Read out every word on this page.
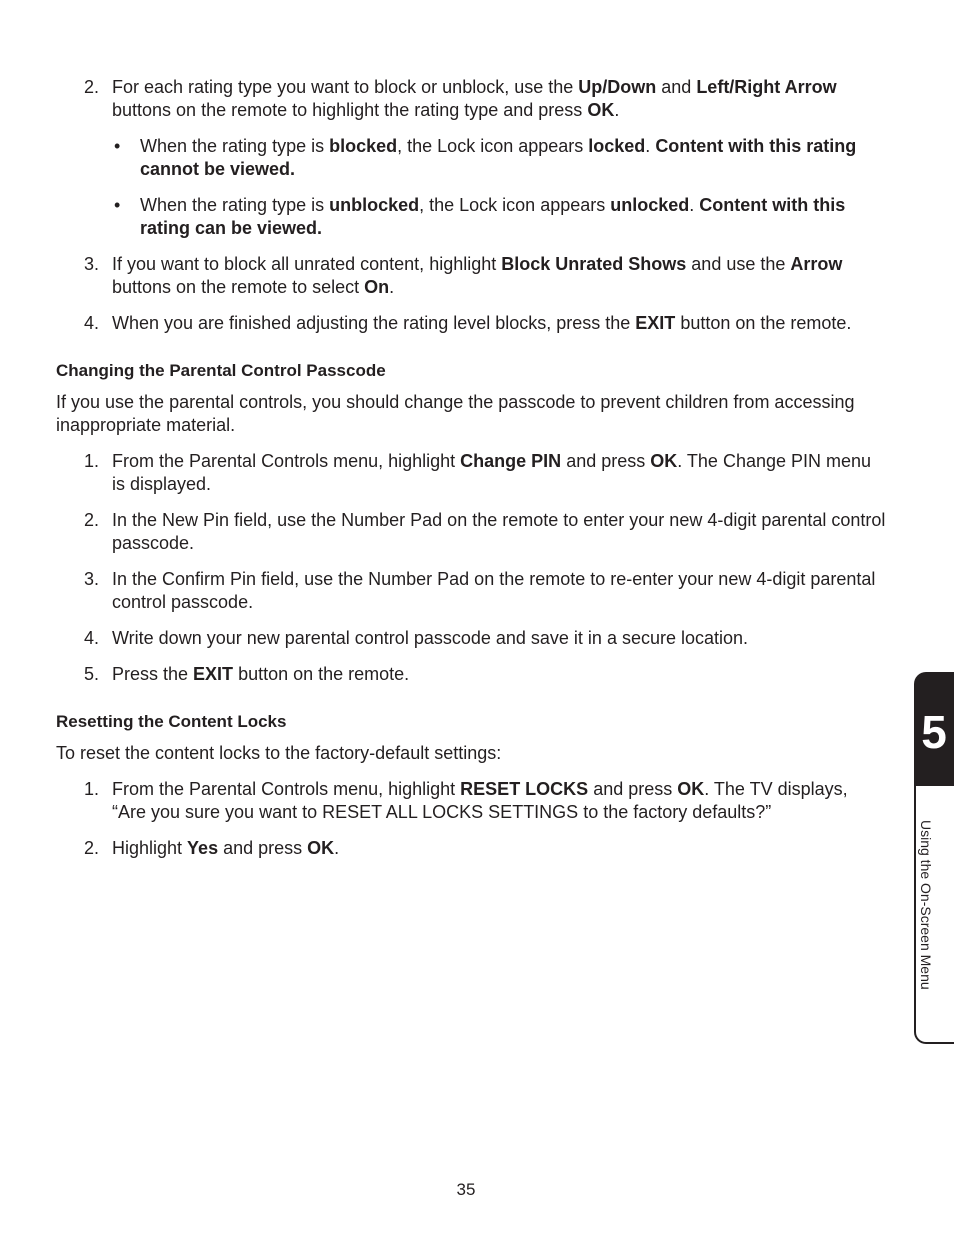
2. For each rating type you want to block or unblock, use the Up/Down and Left/Right Arrow buttons on the remote to highlight the rating type and press OK.
• When the rating type is blocked, the Lock icon appears locked. Content with this rating cannot be viewed.
• When the rating type is unblocked, the Lock icon appears unlocked. Content with this rating can be viewed.
3. If you want to block all unrated content, highlight Block Unrated Shows and use the Arrow buttons on the remote to select On.
4. When you are finished adjusting the rating level blocks, press the EXIT button on the remote.
Changing the Parental Control Passcode
If you use the parental controls, you should change the passcode to prevent children from accessing inappropriate material.
1. From the Parental Controls menu, highlight Change PIN and press OK. The Change PIN menu is displayed.
2. In the New Pin field, use the Number Pad on the remote to enter your new 4-digit parental control passcode.
3. In the Confirm Pin field, use the Number Pad on the remote to re-enter your new 4-digit parental control passcode.
4. Write down your new parental control passcode and save it in a secure location.
5. Press the EXIT button on the remote.
Resetting the Content Locks
To reset the content locks to the factory-default settings:
1. From the Parental Controls menu, highlight RESET LOCKS and press OK. The TV displays, “Are you sure you want to RESET ALL LOCKS SETTINGS to the factory defaults?”
2. Highlight Yes and press OK.
5
Using the On-Screen Menu
35
